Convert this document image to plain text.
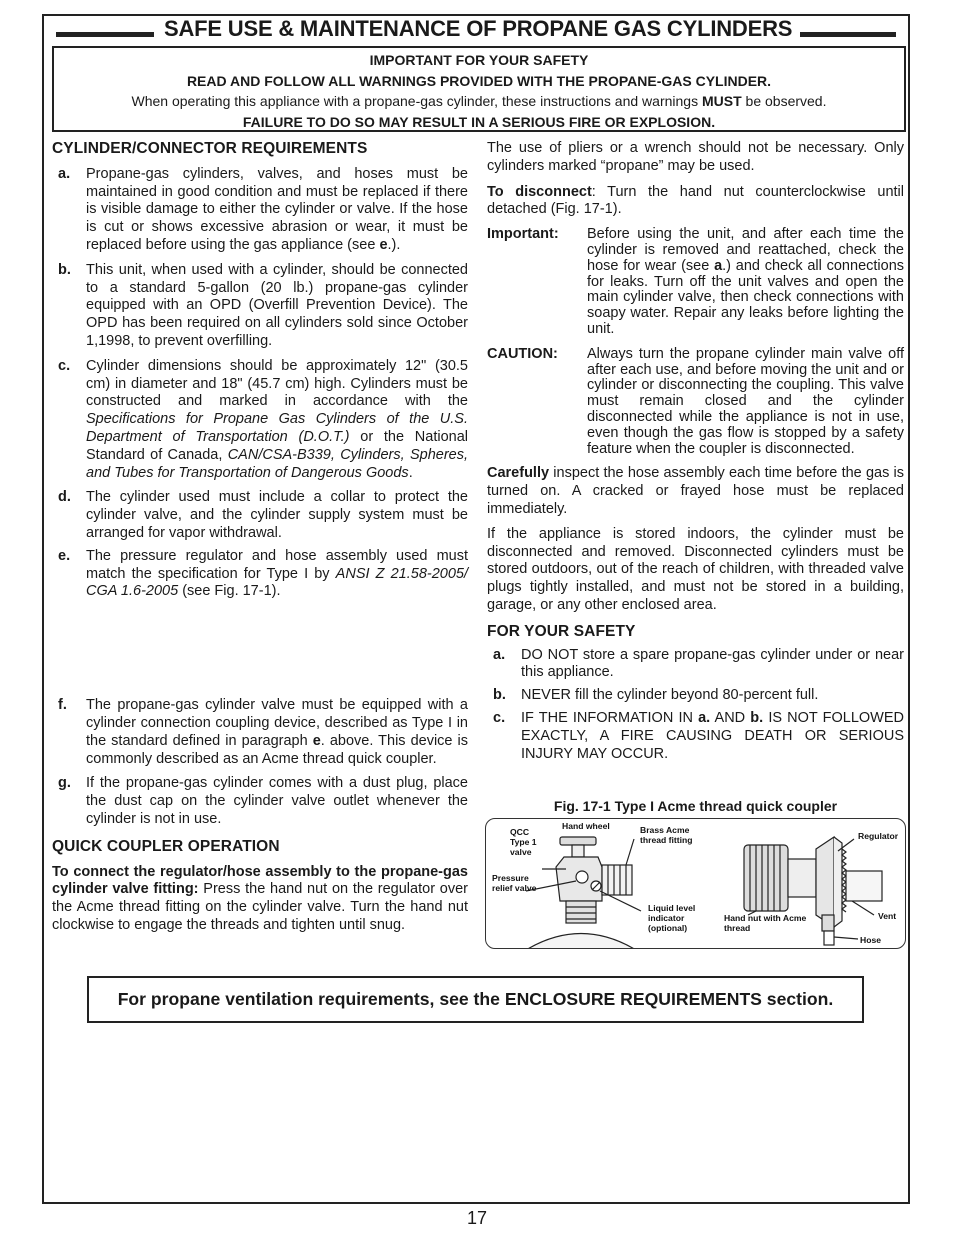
SAFE USE & MAINTENANCE OF PROPANE GAS CYLINDERS
IMPORTANT FOR YOUR SAFETY
READ AND FOLLOW ALL WARNINGS PROVIDED WITH THE PROPANE-GAS CYLINDER.
When operating this appliance with a propane-gas cylinder, these instructions and warnings MUST be observed.
FAILURE TO DO SO MAY RESULT IN A SERIOUS FIRE OR EXPLOSION.
CYLINDER/CONNECTOR REQUIREMENTS
a. Propane-gas cylinders, valves, and hoses must be maintained in good condition and must be replaced if there is visible damage to either the cylinder or valve. If the hose is cut or shows excessive abrasion or wear, it must be replaced before using the gas appliance (see e.).
b. This unit, when used with a cylinder, should be connected to a standard 5-gallon (20 lb.) propane-gas cylinder equipped with an OPD (Overfill Prevention Device). The OPD has been required on all cylinders sold since October 1,1998, to prevent overfilling.
c. Cylinder dimensions should be approximately 12" (30.5 cm) in diameter and 18" (45.7 cm) high. Cylinders must be constructed and marked in accordance with the Specifications for Propane Gas Cylinders of the U.S. Department of Transportation (D.O.T.) or the National Standard of Canada, CAN/CSA-B339, Cylinders, Spheres, and Tubes for Transportation of Dangerous Goods.
d. The cylinder used must include a collar to protect the cylinder valve, and the cylinder supply system must be arranged for vapor withdrawal.
e. The pressure regulator and hose assembly used must match the specification for Type I by ANSI Z 21.58-2005/ CGA 1.6-2005 (see Fig. 17-1).
f. The propane-gas cylinder valve must be equipped with a cylinder connection coupling device, described as Type I in the standard defined in paragraph e. above. This device is commonly described as an Acme thread quick coupler.
g. If the propane-gas cylinder comes with a dust plug, place the dust cap on the cylinder valve outlet whenever the cylinder is not in use.
QUICK COUPLER OPERATION

To connect the regulator/hose assembly to the propane-gas cylinder valve fitting: Press the hand nut on the regulator over the Acme thread fitting on the cylinder valve. Turn the hand nut clockwise to engage the threads and tighten until snug.

The use of pliers or a wrench should not be necessary. Only cylinders marked “propane” may be used.

To disconnect: Turn the hand nut counterclockwise until detached (Fig. 17-1).

Important: Before using the unit, and after each time the cylinder is removed and reattached, check the hose for wear (see a.) and check all connections for leaks. Turn off the unit valves and open the main cylinder valve, then check connections with soapy water. Repair any leaks before lighting the unit.
CAUTION: Always turn the propane cylinder main valve off after each use, and before moving the unit and or cylinder or disconnecting the coupling. This valve must remain closed and the cylinder disconnected while the appliance is not in use, even though the gas flow is stopped by a safety feature when the coupler is disconnected.

Carefully inspect the hose assembly each time before the gas is turned on. A cracked or frayed hose must be replaced immediately.

If the appliance is stored indoors, the cylinder must be disconnected and removed. Disconnected cylinders must be stored outdoors, out of the reach of children, with threaded valve plugs tightly installed, and must not be stored in a building, garage, or any other enclosed area.

FOR YOUR SAFETY
a. DO NOT store a spare propane-gas cylinder under or near this appliance.
b. NEVER fill the cylinder beyond 80-percent full.
c. IF THE INFORMATION IN a. AND b. IS NOT FOLLOWED EXACTLY, A FIRE CAUSING DEATH OR SERIOUS INJURY MAY OCCUR.
Fig. 17-1 Type I Acme thread quick coupler
Hand wheel
QCC Type 1 valve
Brass Acme thread fitting
Pressure relief valve
Liquid level indicator (optional)
Hand nut with Acme thread
Regulator
Vent
Hose
For propane ventilation requirements, see the ENCLOSURE REQUIREMENTS section.
17
